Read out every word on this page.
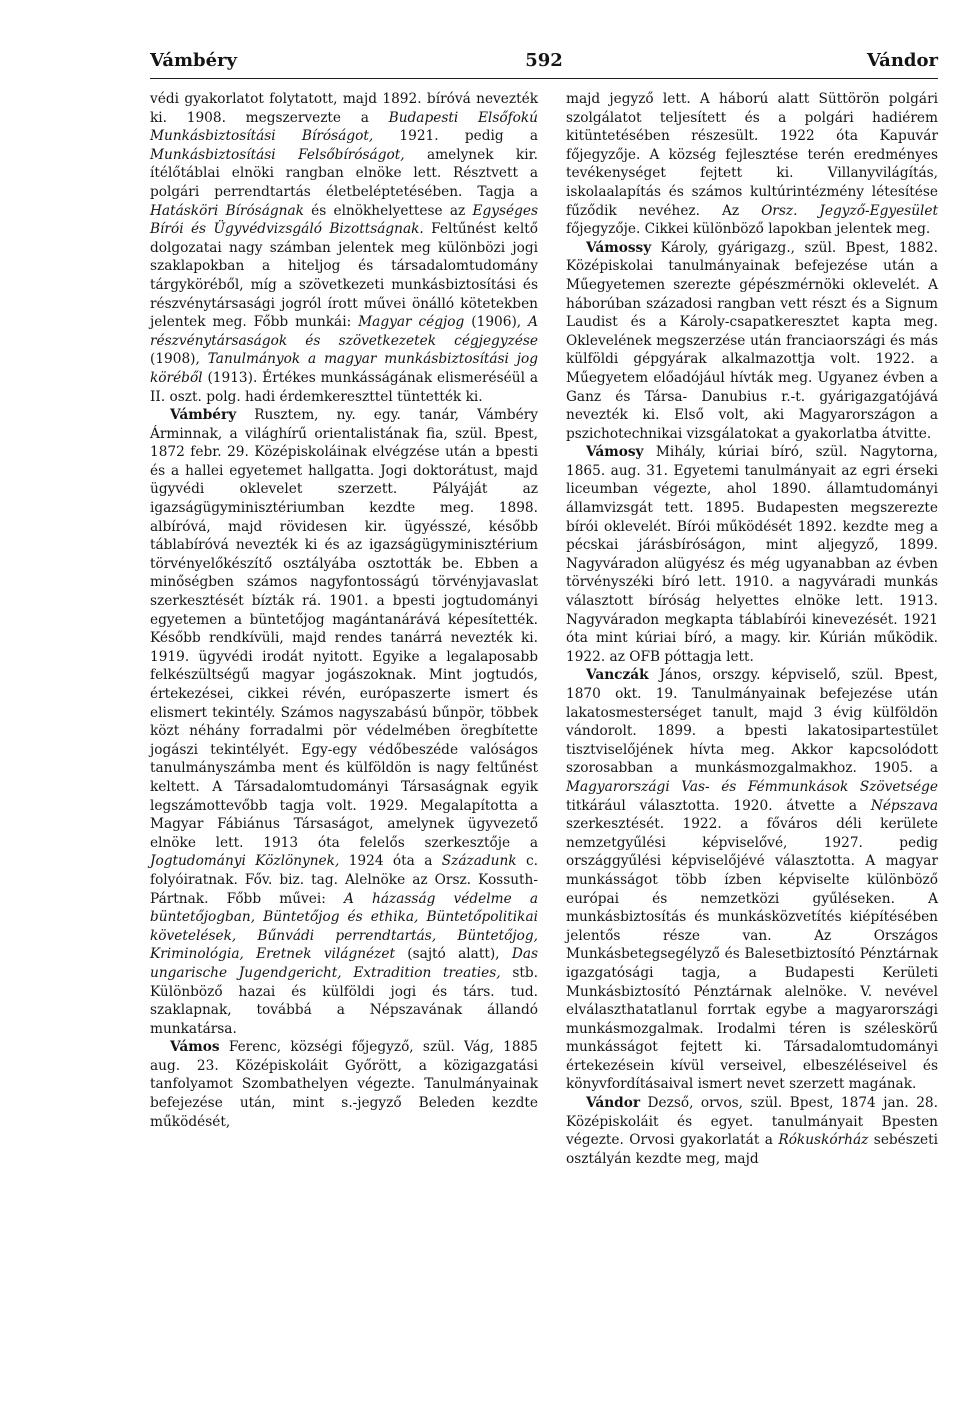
Vámbéry	592	Vándor

védi gyakorlatot folytatott, majd 1892. bíróvá nevezték ki. 1908. megszervezte a Budapesti Elsőfokú Munkásbiztosítási Bíróságot, 1921. pedig a Munkásbiztosítási Felsőbíróságot, amelynek kir. ítélőtáblai elnöki rangban elnöke lett. Résztvett a polgári perrendtartás életbeléptetésében. Tagja a Hatásköri Bíróságnak és elnökhelyettese az Egységes Bírói és Ügyvédvizsgáló Bizottságnak. Feltűnést keltő dolgozatai nagy számban jelentek meg különbözi jogi szaklapokban a hiteljog és társadalomtudomány tárgyköréből, míg a szövetkezeti munkásbiztosítási és részvénytársasági jogról írott művei önálló kötetekben jelentek meg. Főbb munkái: Magyar cégjog (1906), A részvénytársaságok és szövetkezetek cégjegyzése (1908), Tanulmányok a magyar munkásbiztosítási jog köréből (1913). Értékes munkásságának elismeréséül a II. oszt. polg. hadi érdemkereszttel tüntették ki.

Vámbéry Rusztem, ny. egy. tanár, Vámbéry Árminnak, a világhírű orientalistának fia, szül. Bpest, 1872 febr. 29. Középiskoláinak elvégzése után a bpesti és a hallei egyetemet hallgatta. Jogi doktorátust, majd ügyvédi oklevelet szerzett. Pályáját az igazságügyminisztériumban kezdte meg. 1898. albíróvá, majd rövidesen kir. ügyésszé, később táblabíróvá nevezték ki és az igazságügyminisztérium törvényelőkészítő osztályába osztották be. Ebben a minőségben számos nagyfontosságú törvényjavaslat szerkesztését bízták rá. 1901. a bpesti jogtudományi egyetemen a büntetőjog magántanárává képesítették. Később rendkívüli, majd rendes tanárrá nevezték ki. 1919. ügyvédi irodát nyitott. Egyike a legalaposabb felkészültségű magyar jogászoknak. Mint jogtudós, értekezései, cikkei révén, európaszerte ismert és elismert tekintély. Számos nagyszabású bűnpör, többek közt néhány forradalmi pör védelmében öregbítette jogászi tekintélyét. Egy-egy védőbeszéde valóságos tanulmányszámba ment és külföldön is nagy feltűnést keltett. A Társadalomtudományi Társaságnak egyik legszámottevőbb tagja volt. 1929. Megalapította a Magyar Fábiánus Társaságot, amelynek ügyvezető elnöke lett. 1913 óta felelős szerkesztője a Jogtudományi Közlönynek, 1924 óta a Századunk c. folyóiratnak. Főv. biz. tag. Alelnöke az Orsz. Kossuth-Pártnak. Főbb művei: A házasság védelme a büntetőjogban, Büntetőjog és ethika, Büntetőpolitikai követelések, Bűnvádi perrendtartás, Büntetőjog, Kriminológia, Eretnek világnézet (sajtó alatt), Das ungarische Jugendgericht, Extradition treaties, stb. Különböző hazai és külföldi jogi és társ. tud. szaklapnak, továbbá a Népszavának állandó munkatársa.

Vámos Ferenc, községi főjegyző, szül. Vág, 1885 aug. 23. Középiskoláit Győrött, a közigazgatási tanfolyamot Szombathelyen végezte. Tanulmányainak befejezése után, mint s.-jegyző Beleden kezdte működését,

majd jegyző lett. A háború alatt Süttörön polgári szolgálatot teljesített és a polgári hadiérem kitüntetésében részesült. 1922 óta Kapuvár főjegyzője. A község fejlesztése terén eredményes tevékenységet fejtett ki. Villanyvilágítás, iskolaalapítás és számos kultúrintézmény létesítése fűződik nevéhez. Az Orsz. Jegyző-Egyesület főjegyzője. Cikkei különböző lapokban jelentek meg.

Vámossy Károly, gyárigazg., szül. Bpest, 1882. Középiskolai tanulmányainak befejezése után a Műegyetemen szerezte gépészmérnöki oklevelét. A háborúban századosi rangban vett részt és a Signum Laudist és a Károly-csapatkeresztet kapta meg. Oklevelének megszerzése után franciaországi és más külföldi gépgyárak alkalmazottja volt. 1922. a Műegyetem előadójául hívták meg. Ugyanez évben a Ganz és Társa- Danubius r.-t. gyárigazgatójává nevezték ki. Első volt, aki Magyarországon a pszichotechnikai vizsgálatokat a gyakorlatba átvitte.

Vámosy Mihály, kúriai bíró, szül. Nagytorna, 1865. aug. 31. Egyetemi tanulmányait az egri érseki liceumban végezte, ahol 1890. államtudományi államvizsgát tett. 1895. Budapesten megszerezte bírói oklevelét. Bírói működését 1892. kezdte meg a pécskai járásbíróságon, mint aljegyző, 1899. Nagyváradon alügyész és még ugyanabban az évben törvényszéki bíró lett. 1910. a nagyváradi munkás választott bíróság helyettes elnöke lett. 1913. Nagyváradon megkapta táblabírói kinevezését. 1921 óta mint kúriai bíró, a magy. kir. Kúrián működik. 1922. az OFB póttagja lett.

Vanczák János, orszgy. képviselő, szül. Bpest, 1870 okt. 19. Tanulmányainak befejezése után lakatosmesterséget tanult, majd 3 évig külföldön vándorolt. 1899. a bpesti lakatosipartestület tisztviselőjének hívta meg. Akkor kapcsolódott szorosabban a munkásmozgalmakhoz. 1905. a Magyarországi Vas- és Fémmunkások Szövetsége titkárául választotta. 1920. átvette a Népszava szerkesztését. 1922. a főváros déli kerülete nemzetgyűlési képviselővé, 1927. pedig országgyűlési képviselőjévé választotta. A magyar munkásságot több ízben képviselte különböző európai és nemzetközi gyűléseken. A munkásbiztosítás és munkásközvetítés kiépítésében jelentős része van. Az Országos Munkásbetegsegélyző és Balesetbiztosító Pénztárnak igazgatósági tagja, a Budapesti Kerületi Munkásbiztosító Pénztárnak alelnöke. V. nevével elválaszthatatlanul forrtak egybe a magyarországi munkásmozgalmak. Irodalmi téren is széleskörű munkásságot fejtett ki. Társadalomtudományi értekezésein kívül verseivel, elbeszéléseivel és könyvfordításaival ismert nevet szerzett magának.

Vándor Dezső, orvos, szül. Bpest, 1874 jan. 28. Középiskoláit és egyet. tanulmányait Bpesten végezte. Orvosi gyakorlatát a Rókuskórház sebészeti osztályán kezdte meg, majd
